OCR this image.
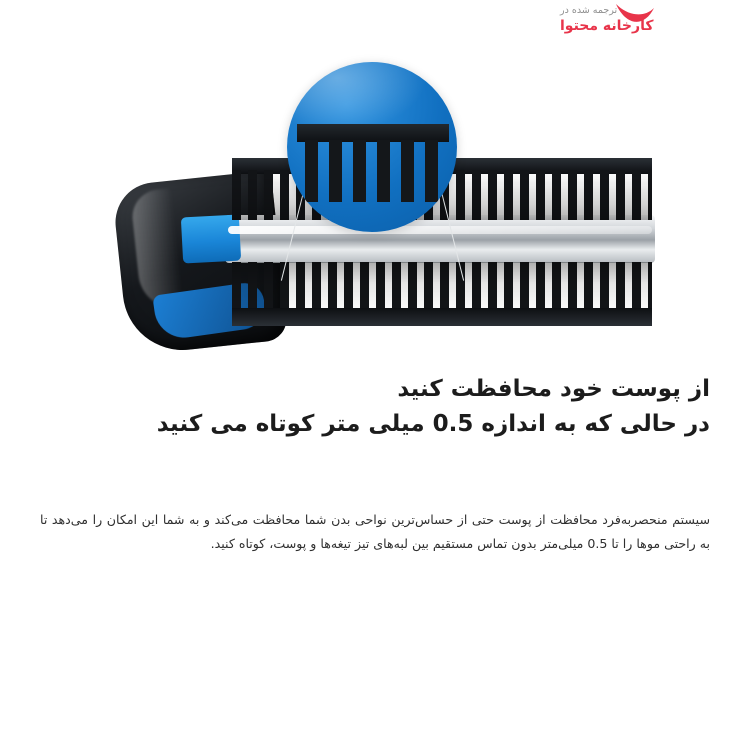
ترجمه شده در
کارخانه محتوا
از پوست خود محافظت کنید
در حالی که به اندازه 0.5 میلی متر کوتاه می کنید

سیستم منحصربه‌فرد محافظت از پوست حتی از حساس‌ترین نواحی بدن شما محافظت می‌کند و به شما این امکان را می‌دهد تا به راحتی موها را تا 0.5 میلی‌متر بدون تماس مستقیم بین لبه‌های تیز تیغه‌ها و پوست، کوتاه کنید.
